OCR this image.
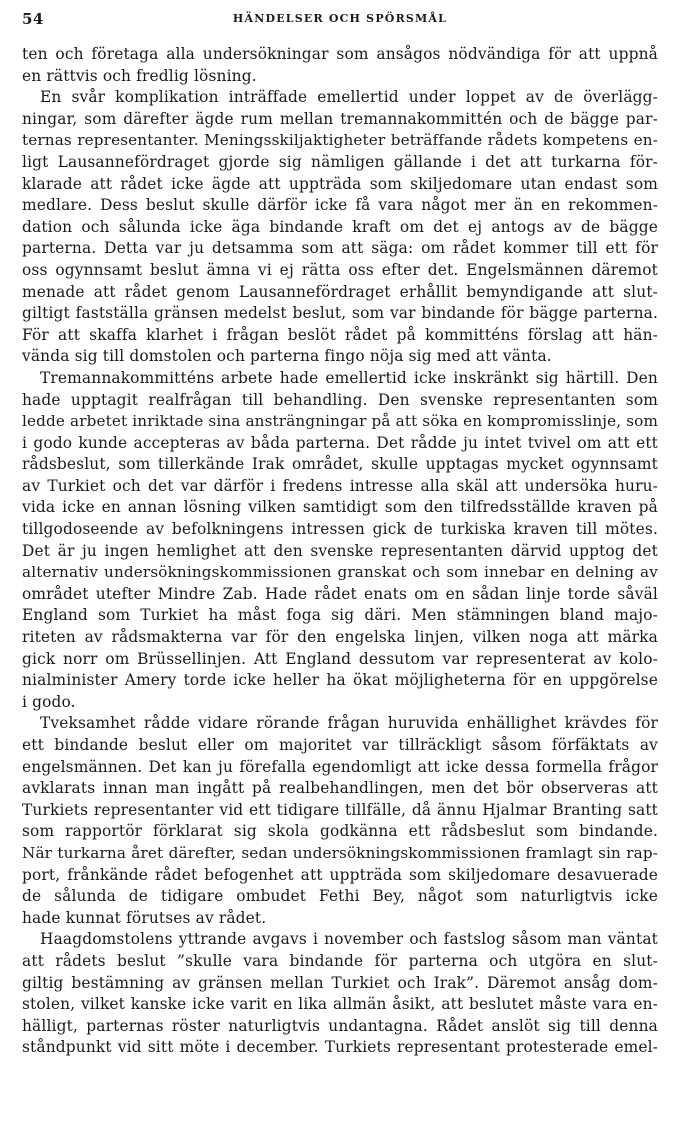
54	HÄNDELSER OCH SPÖRSMÅL
ten och företaga alla undersökningar som ansågos nödvändiga för att uppnå
en rättvis och fredlig lösning.
En svår komplikation inträffade emellertid under loppet av de överlägg-
ningar, som därefter ägde rum mellan tremannakommittén och de bägge par-
ternas representanter. Meningsskiljaktigheter beträffande rådets kompetens en-
ligt Lausannefördraget gjorde sig nämligen gällande i det att turkarna för-
klarade att rådet icke ägde att uppträda som skiljedomare utan endast som
medlare. Dess beslut skulle därför icke få vara något mer än en rekommen-
dation och sålunda icke äga bindande kraft om det ej antogs av de bägge
parterna. Detta var ju detsamma som att säga: om rådet kommer till ett för
oss ogynnsamt beslut ämna vi ej rätta oss efter det. Engelsmännen däremot
menade att rådet genom Lausannefördraget erhållit bemyndigande att slut-
giltigt fastställa gränsen medelst beslut, som var bindande för bägge parterna.
För att skaffa klarhet i frågan beslöt rådet på kommitténs förslag att hän-
vända sig till domstolen och parterna fingo nöja sig med att vänta.
Tremannakommitténs arbete hade emellertid icke inskränkt sig härtill. Den
hade upptagit realfrågan till behandling. Den svenske representanten som
ledde arbetet inriktade sina ansträngningar på att söka en kompromisslinje, som
i godo kunde accepteras av båda parterna. Det rådde ju intet tvivel om att ett
rådsbeslut, som tillerkände Irak området, skulle upptagas mycket ogynnsamt
av Turkiet och det var därför i fredens intresse alla skäl att undersöka huru-
vida icke en annan lösning vilken samtidigt som den tilfredsställde kraven på
tillgodoseende av befolkningens intressen gick de turkiska kraven till mötes.
Det är ju ingen hemlighet att den svenske representanten därvid upptog det
alternativ undersökningskommissionen granskat och som innebar en delning av
området utefter Mindre Zab. Hade rådet enats om en sådan linje torde såväl
England som Turkiet ha måst foga sig däri. Men stämningen bland majo-
riteten av rådsmakterna var för den engelska linjen, vilken noga att märka
gick norr om Brüssellinjen. Att England dessutom var representerat av kolo-
nialminister Amery torde icke heller ha ökat möjligheterna för en uppgörelse
i godo.
Tveksamhet rådde vidare rörande frågan huruvida enhällighet krävdes för
ett bindande beslut eller om majoritet var tillräckligt såsom förfäktats av
engelsmännen. Det kan ju förefalla egendomligt att icke dessa formella frågor
avklarats innan man ingått på realbehandlingen, men det bör observeras att
Turkiets representanter vid ett tidigare tillfälle, då ännu Hjalmar Branting satt
som rapportör förklarat sig skola godkänna ett rådsbeslut som bindande.
När turkarna året därefter, sedan undersökningskommissionen framlagt sin rap-
port, frånkände rådet befogenhet att uppträda som skiljedomare desavuerade
de sålunda de tidigare ombudet Fethi Bey, något som naturligtvis icke
hade kunnat förutses av rådet.
Haagdomstolens yttrande avgavs i november och fastslog såsom man väntat
att rådets beslut ”skulle vara bindande för parterna och utgöra en slut-
giltig bestämning av gränsen mellan Turkiet och Irak”. Däremot ansåg dom-
stolen, vilket kanske icke varit en lika allmän åsikt, att beslutet måste vara en-
hälligt, parternas röster naturligtvis undantagna. Rådet anslöt sig till denna
ståndpunkt vid sitt möte i december. Turkiets representant protesterade emel-
